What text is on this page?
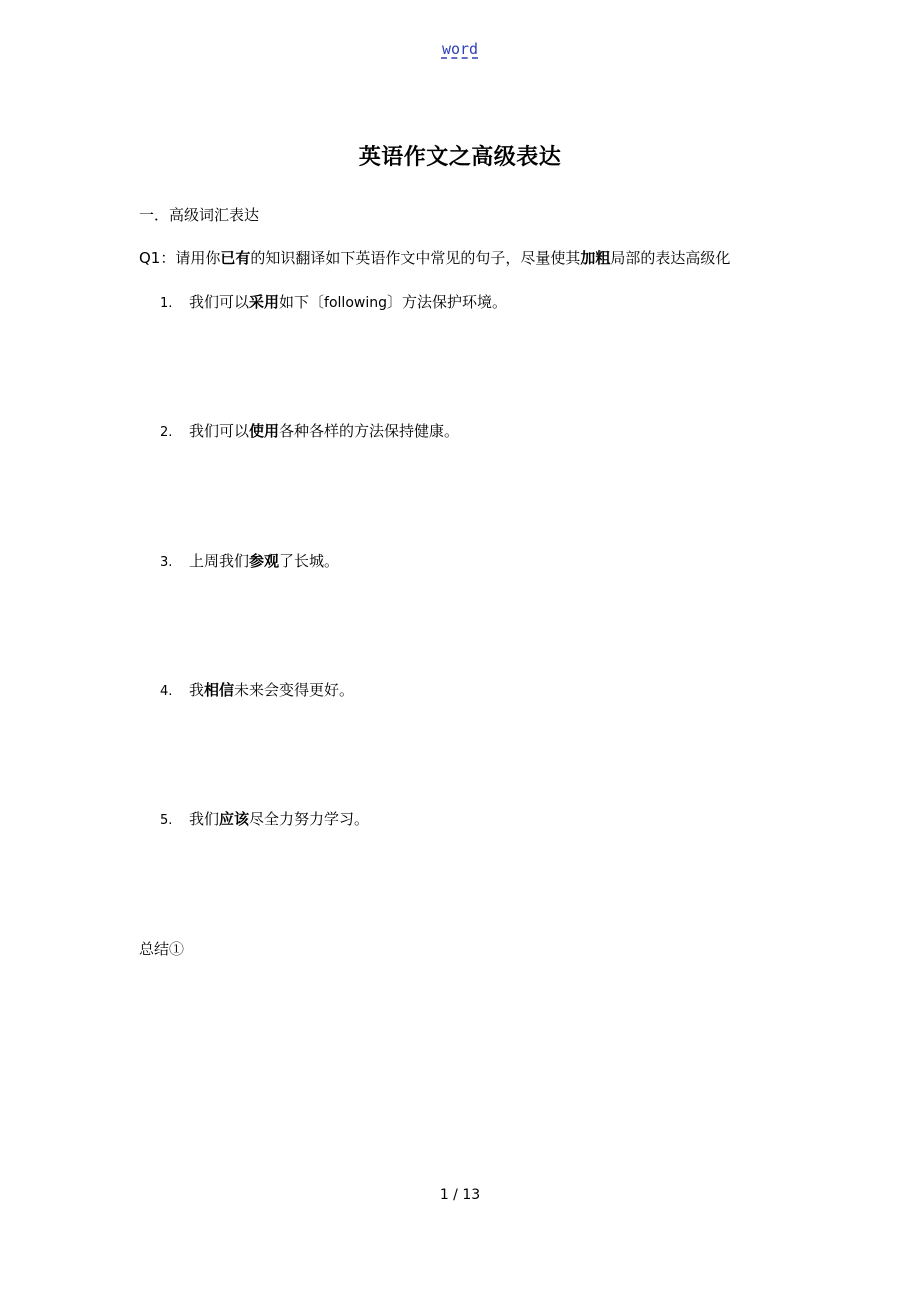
word
英语作文之高级表达
一．高级词汇表达
Q1：请用你已有的知识翻译如下英语作文中常见的句子，尽量使其加粗局部的表达高级化
1. 我们可以采用如下〔following〕方法保护环境。
2. 我们可以使用各种各样的方法保持健康。
3. 上周我们参观了长城。
4. 我相信未来会变得更好。
5. 我们应该尽全力努力学习。
总结①
1 / 13
